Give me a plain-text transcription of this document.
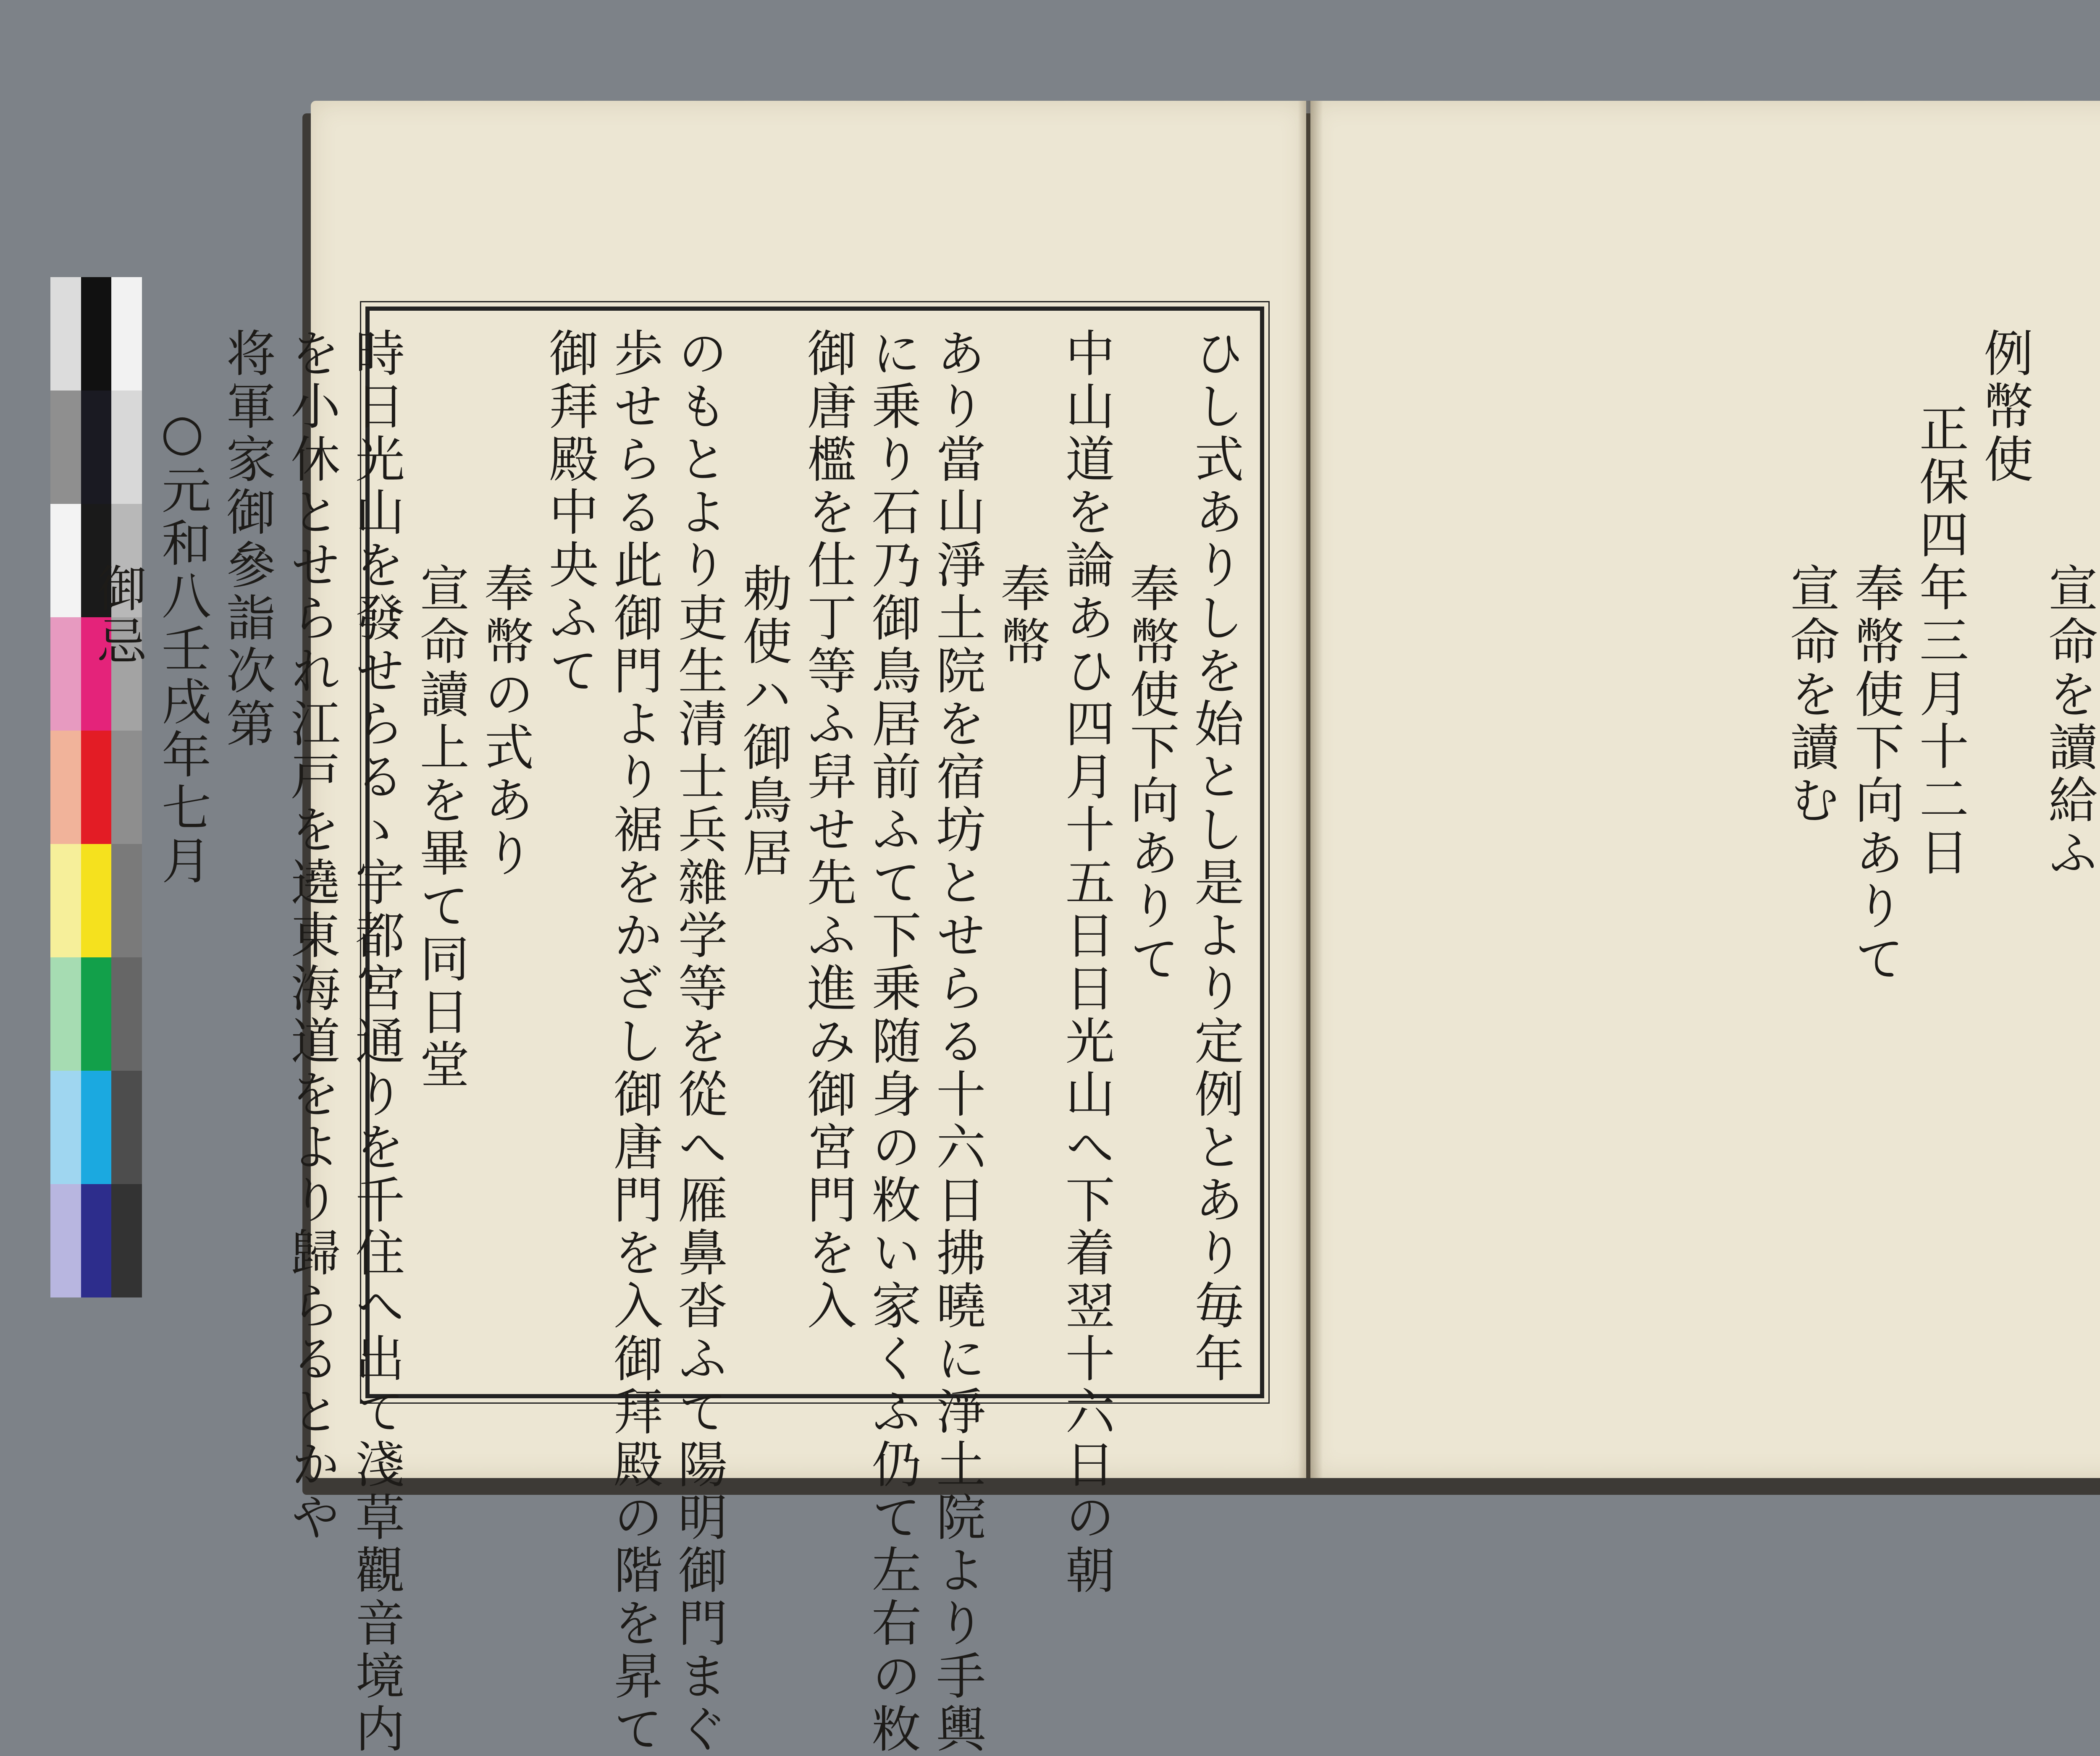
ひし式ありしを始とし是より定例とあり毎年
奉幣使下向ありて
中山道を論あひ四月十五日日光山へ下着翌十六日の朝
奉幣
あり當山淨土院を宿坊とせらる十六日拂曉に淨土院より手輿
に乗り石乃御鳥居前ふて下乗随身の敉い家くふ仍て左右の敉
御唐檻を仕丁等ふ舁せ先ふ進み御宮門を入
勅使ハ御鳥居
のもとより吏生清士兵雜学等を從へ雁鼻沓ふて陽明御門まぐ
歩せらる此御門より裾をかざし御唐門を入御拜殿の階を昇て
御拜殿中央ふて
奉幣の式あり
宣命讀上を畢て同日堂
時日光山を發せらるゝ宇都宮通りを千住へ出て淺草觀音境内
を小休とせられ江戸を遶東海道をより歸らるとかや
将軍家御參詣次第
○元和八壬戌年七月
御忌	宣命を讀給ふ
例幣使
正保四年三月十二日
奉幣使下向ありて
宣命を讀む
